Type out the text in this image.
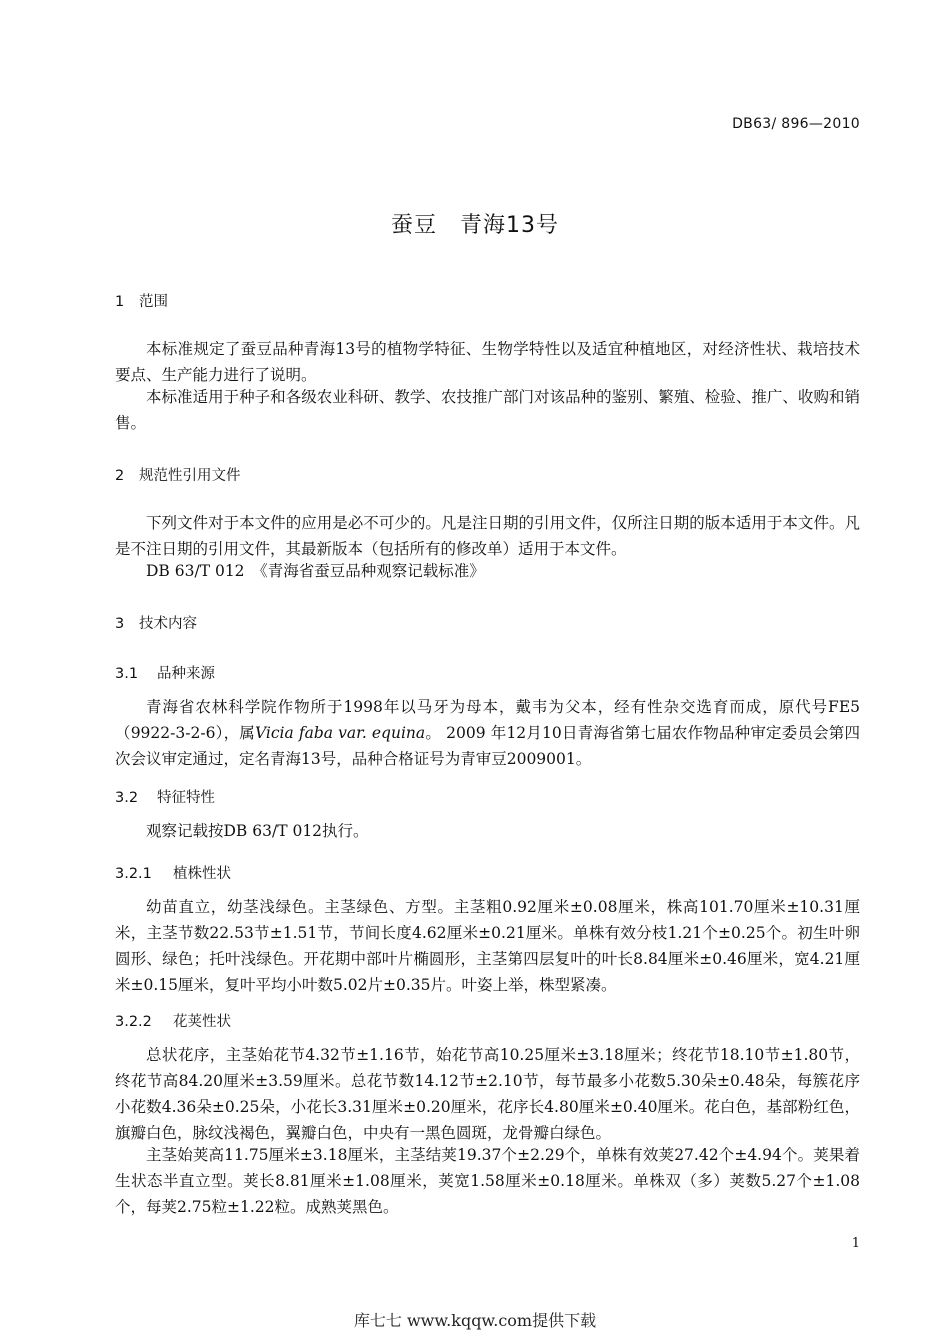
DB63/ 896—2010
蚕豆　青海13号
1 范围
本标准规定了蚕豆品种青海13号的植物学特征、生物学特性以及适宜种植地区，对经济性状、栽培技术要点、生产能力进行了说明。
本标准适用于种子和各级农业科研、教学、农技推广部门对该品种的鉴别、繁殖、检验、推广、收购和销售。
2 规范性引用文件
下列文件对于本文件的应用是必不可少的。凡是注日期的引用文件，仅所注日期的版本适用于本文件。凡是不注日期的引用文件，其最新版本（包括所有的修改单）适用于本文件。
DB 63/T 012　《青海省蚕豆品种观察记载标准》
3 技术内容
3.1 品种来源
青海省农林科学院作物所于1998年以马牙为母本，戴韦为父本，经有性杂交选育而成，原代号FE5（9922-3-2-6），属Vicia faba var. equina。 2009 年12月10日青海省第七届农作物品种审定委员会第四次会议审定通过，定名青海13号，品种合格证号为青审豆2009001。
3.2 特征特性
观察记载按DB 63/T 012执行。
3.2.1 植株性状
幼苗直立，幼茎浅绿色。主茎绿色、方型。主茎粗0.92厘米±0.08厘米，株高101.70厘米±10.31厘米，主茎节数22.53节±1.51节，节间长度4.62厘米±0.21厘米。单株有效分枝1.21个±0.25个。初生叶卵圆形、绿色；托叶浅绿色。开花期中部叶片椭圆形，主茎第四层复叶的叶长8.84厘米±0.46厘米，宽4.21厘米±0.15厘米，复叶平均小叶数5.02片±0.35片。叶姿上举，株型紧凑。
3.2.2 花荚性状
总状花序，主茎始花节4.32节±1.16节，始花节高10.25厘米±3.18厘米；终花节18.10节±1.80节，终花节高84.20厘米±3.59厘米。总花节数14.12节±2.10节，每节最多小花数5.30朵±0.48朵，每簇花序小花数4.36朵±0.25朵，小花长3.31厘米±0.20厘米，花序长4.80厘米±0.40厘米。花白色，基部粉红色，旗瓣白色，脉纹浅褐色，翼瓣白色，中央有一黑色圆斑，龙骨瓣白绿色。
主茎始荚高11.75厘米±3.18厘米，主茎结荚19.37个±2.29个，单株有效荚27.42个±4.94个。荚果着生状态半直立型。荚长8.81厘米±1.08厘米，荚宽1.58厘米±0.18厘米。单株双（多）荚数5.27个±1.08个，每荚2.75粒±1.22粒。成熟荚黑色。
1
库七七 www.kqqw.com提供下载
